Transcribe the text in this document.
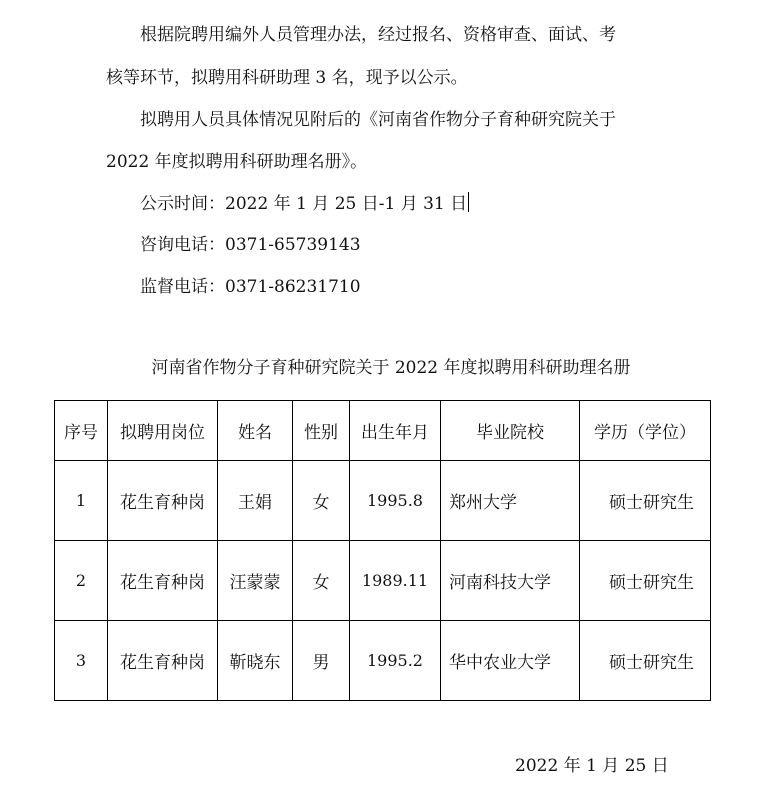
根据院聘用编外人员管理办法，经过报名、资格审查、面试、考
核等环节，拟聘用科研助理 3 名，现予以公示。
拟聘用人员具体情况见附后的《河南省作物分子育种研究院关于
2022 年度拟聘用科研助理名册》。
公示时间：2022 年 1 月 25 日-1 月 31 日
咨询电话：0371-65739143
监督电话：0371-86231710
河南省作物分子育种研究院关于 2022 年度拟聘用科研助理名册
序号	拟聘用岗位	姓名	性别	出生年月	毕业院校	学历（学位）
1	花生育种岗	王娟	女	1995.8	郑州大学	硕士研究生
2	花生育种岗	汪蒙蒙	女	1989.11	河南科技大学	硕士研究生
3	花生育种岗	靳晓东	男	1995.2	华中农业大学	硕士研究生
2022 年 1 月 25 日
